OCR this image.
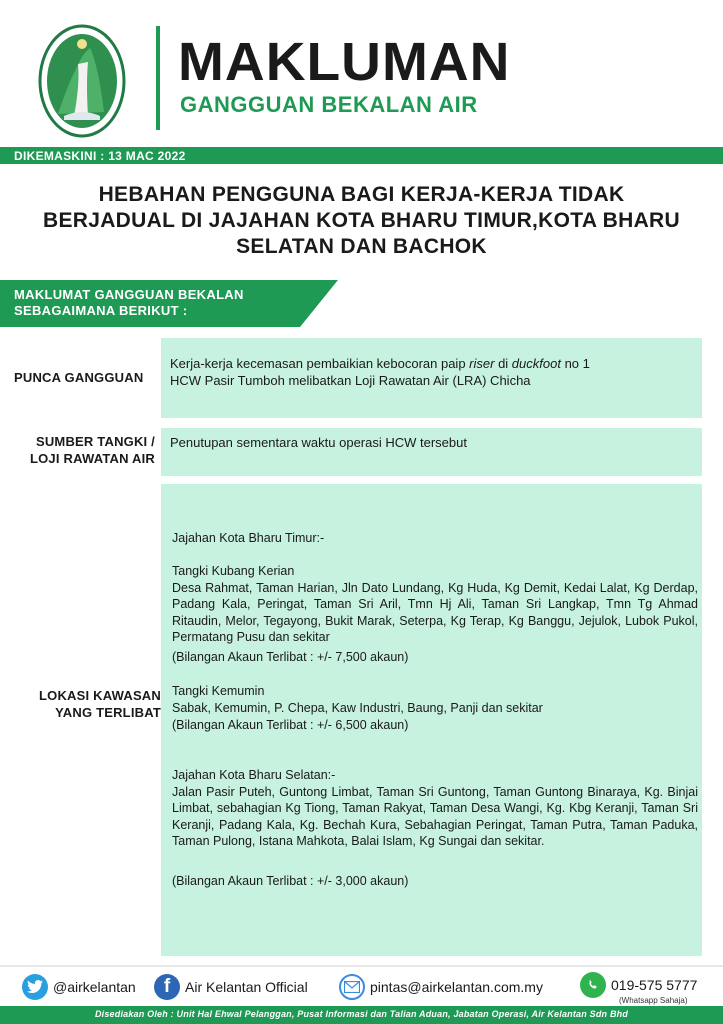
MAKLUMAN
GANGGUAN BEKALAN AIR
DIKEMASKINI : 13 MAC 2022
HEBAHAN PENGGUNA BAGI KERJA-KERJA TIDAK
BERJADUAL DI JAJAHAN KOTA BHARU TIMUR,KOTA BHARU
SELATAN DAN BACHOK
MAKLUMAT GANGGUAN BEKALAN
SEBAGAIMANA BERIKUT :
PUNCA GANGGUAN
Kerja-kerja kecemasan pembaikian kebocoran paip riser di duckfoot no 1
HCW Pasir Tumboh melibatkan Loji Rawatan Air (LRA) Chicha
SUMBER TANGKI /
LOJI RAWATAN AIR
Penutupan sementara waktu operasi HCW tersebut
LOKASI KAWASAN
YANG TERLIBAT
Jajahan Kota Bharu Timur:-
Tangki Kubang Kerian
Desa Rahmat, Taman Harian, Jln Dato Lundang, Kg Huda, Kg Demit, Kedai Lalat, Kg Derdap, Padang Kala, Peringat, Taman Sri Aril, Tmn Hj Ali, Taman Sri Langkap, Tmn Tg Ahmad Ritaudin, Melor, Tegayong, Bukit Marak, Seterpa, Kg Terap, Kg Banggu, Jejulok, Lubok Pukol, Permatang Pusu dan sekitar
(Bilangan Akaun Terlibat : +/- 7,500 akaun)
Tangki Kemumin
Sabak, Kemumin, P. Chepa, Kaw Industri, Baung, Panji dan sekitar
(Bilangan Akaun Terlibat : +/- 6,500 akaun)
Jajahan Kota Bharu Selatan:-
Jalan Pasir Puteh, Guntong Limbat, Taman Sri Guntong, Taman Guntong Binaraya, Kg. Binjai Limbat, sebahagian Kg Tiong, Taman Rakyat, Taman Desa Wangi, Kg. Kbg Keranji, Taman Sri Keranji, Padang Kala, Kg. Bechah Kura, Sebahagian Peringat, Taman Putra, Taman Paduka, Taman Pulong, Istana Mahkota, Balai Islam, Kg Sungai dan sekitar.
(Bilangan Akaun Terlibat : +/- 3,000 akaun)
@airkelantan	f	Air Kelantan Official	pintas@airkelantan.com.my	019-575 5777
(Whatsapp Sahaja)
Disediakan Oleh : Unit Hal Ehwal Pelanggan, Pusat Informasi dan Talian Aduan, Jabatan Operasi, Air Kelantan Sdn Bhd
